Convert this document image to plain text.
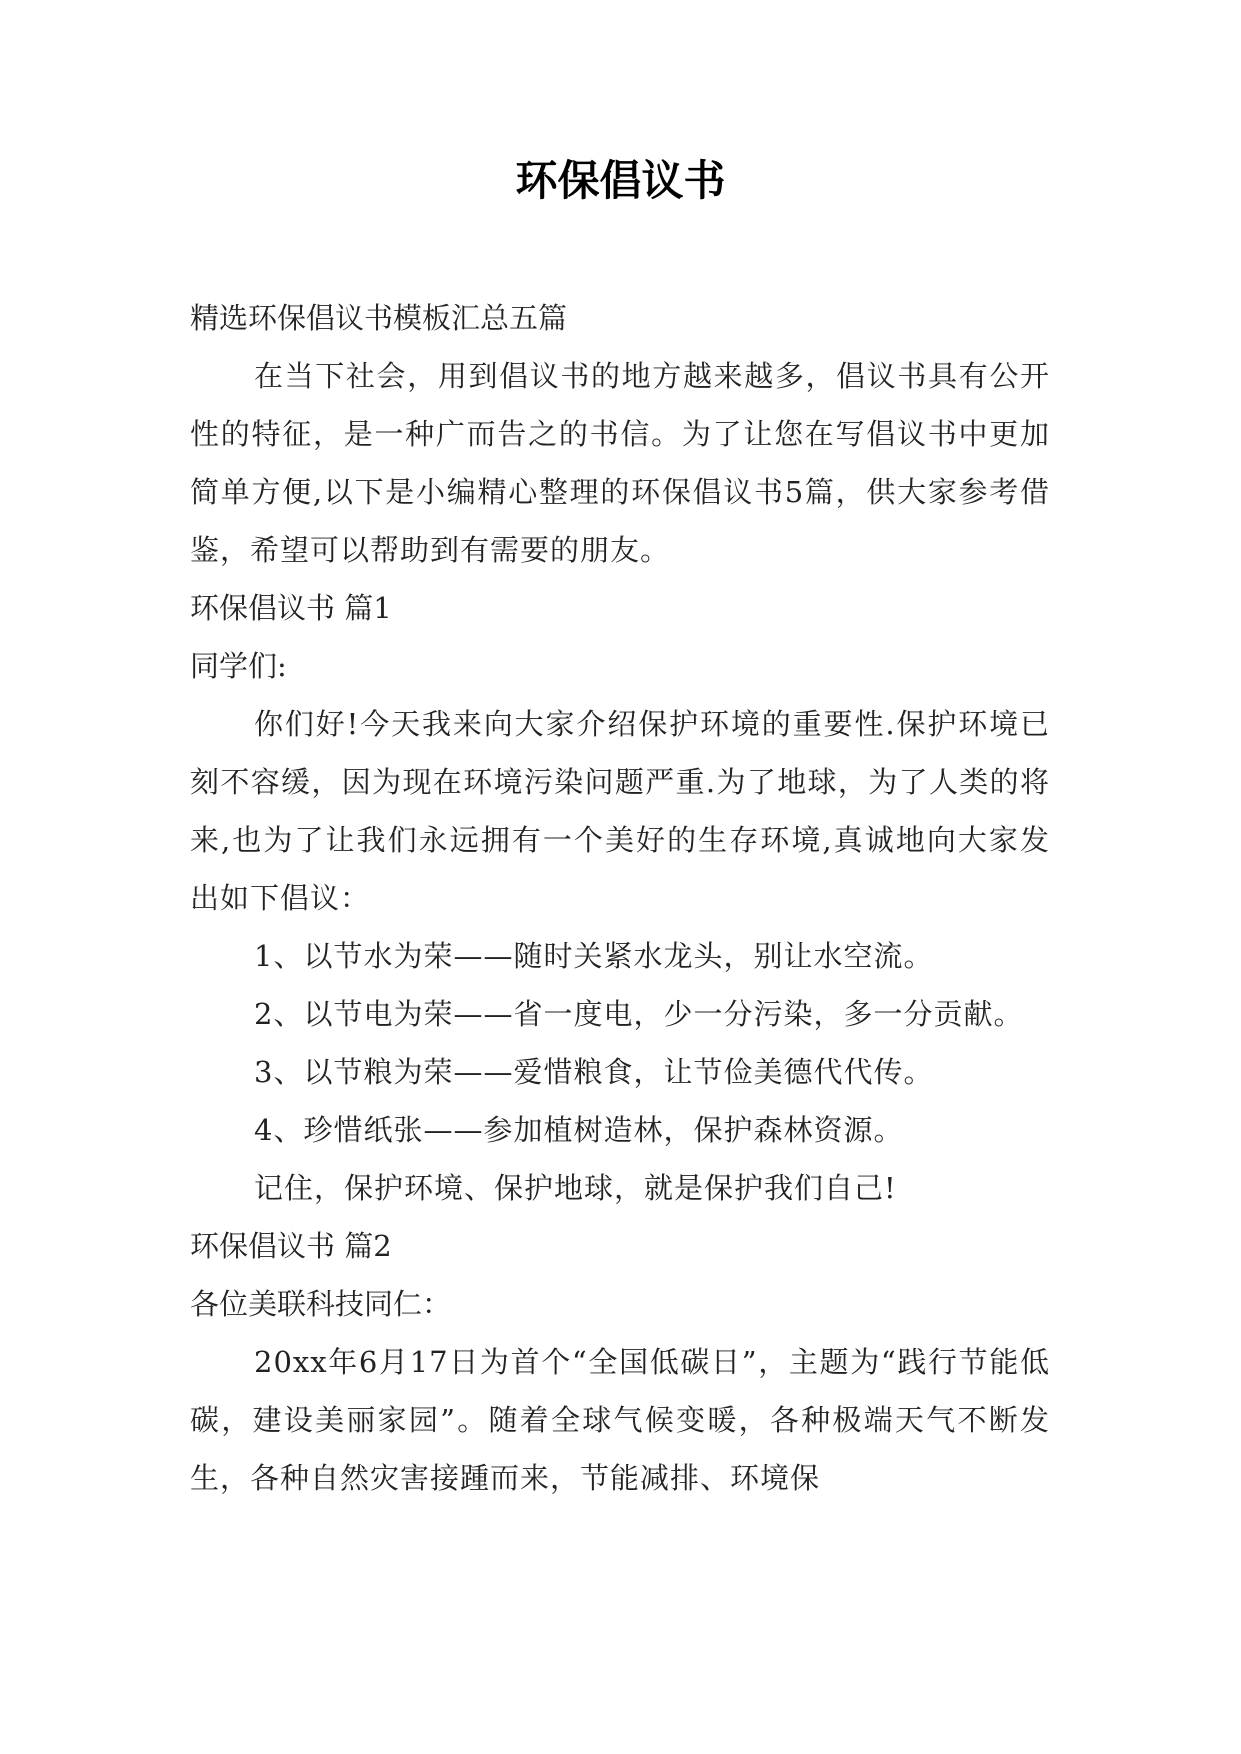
环保倡议书

精选环保倡议书模板汇总五篇

在当下社会，用到倡议书的地方越来越多，倡议书具有公开性的特征，是一种广而告之的书信。为了让您在写倡议书中更加简单方便,以下是小编精心整理的环保倡议书5篇，供大家参考借鉴，希望可以帮助到有需要的朋友。

环保倡议书 篇1

同学们:

你们好!今天我来向大家介绍保护环境的重要性.保护环境已刻不容缓，因为现在环境污染问题严重.为了地球，为了人类的将来,也为了让我们永远拥有一个美好的生存环境,真诚地向大家发出如下倡议：

1、以节水为荣——随时关紧水龙头，别让水空流。

2、以节电为荣——省一度电，少一分污染，多一分贡献。

3、以节粮为荣——爱惜粮食，让节俭美德代代传。

4、珍惜纸张——参加植树造林，保护森林资源。

记住，保护环境、保护地球，就是保护我们自己!

环保倡议书 篇2

各位美联科技同仁：

20xx年6月17日为首个“全国低碳日”，主题为“践行节能低碳，建设美丽家园”。随着全球气候变暖，各种极端天气不断发生，各种自然灾害接踵而来，节能减排、环境保
